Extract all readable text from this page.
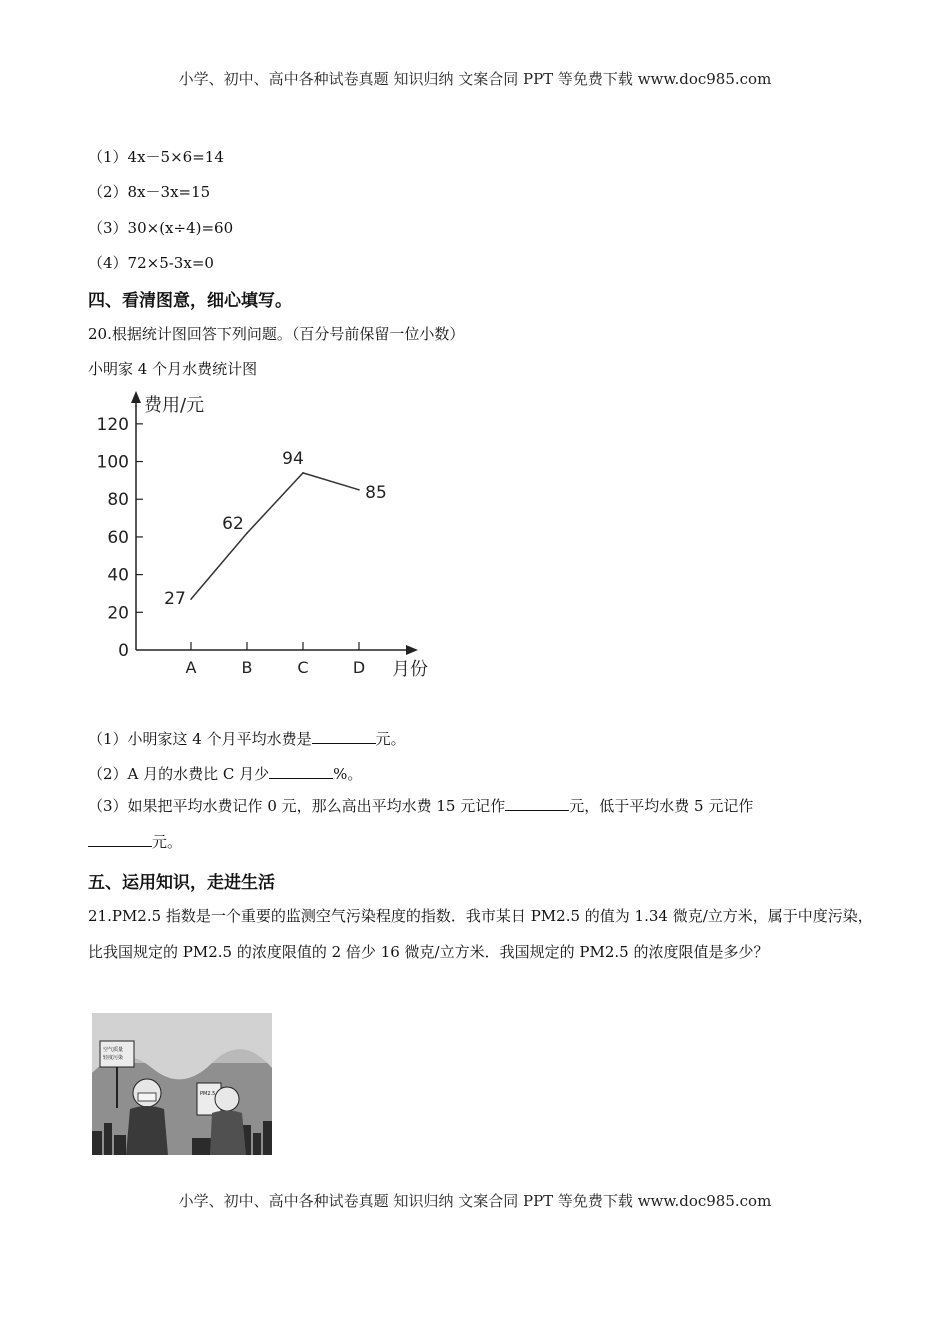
小学、初中、高中各种试卷真题 知识归纳 文案合同 PPT 等免费下载 www.doc985.com
（1）4x－5×6=14
（2）8x－3x=15
（3）30×(x÷4)=60
（4）72×5-3x=0
四、看清图意，细心填写。
20.根据统计图回答下列问题。（百分号前保留一位小数）
小明家 4 个月水费统计图
费用/元
月份
0
20
40
60
80
100
120
A	B	C	D
27
62
94
85
（1）小明家这 4 个月平均水费是	元。
（2）A 月的水费比 C 月少	%。
（3）如果把平均水费记作 0 元，那么高出平均水费 15 元记作	元，低于平均水费 5 元记作
元。
五、运用知识，走进生活
21.PM2.5 指数是一个重要的监测空气污染程度的指数．我市某日 PM2.5 的值为 1.34 微克/立方米，属于中度污染，比我国规定的 PM2.5 的浓度限值的 2 倍少 16 微克/立方米．我国规定的 PM2.5 的浓度限值是多少？
空气质量
轻度污染
PM2.5
小学、初中、高中各种试卷真题 知识归纳 文案合同 PPT 等免费下载 www.doc985.com
